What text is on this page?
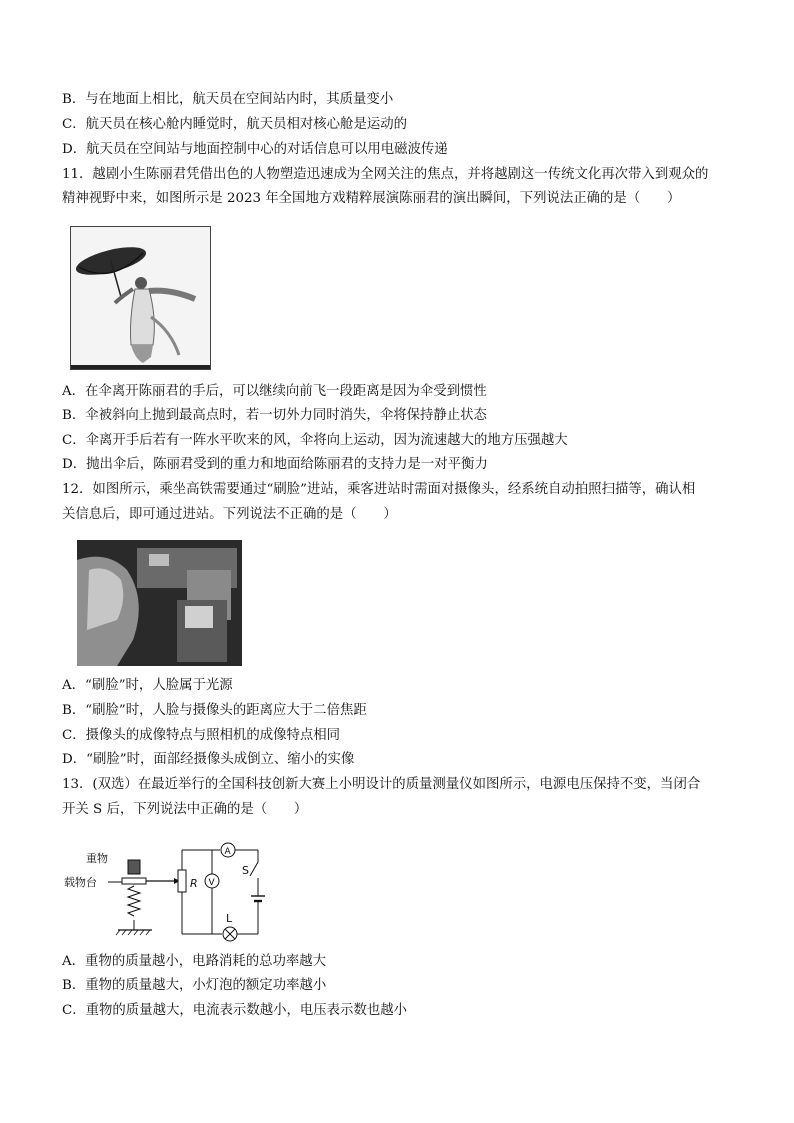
B．与在地面上相比，航天员在空间站内时，其质量变小
C．航天员在核心舱内睡觉时，航天员相对核心舱是运动的
D．航天员在空间站与地面控制中心的对话信息可以用电磁波传递
11．越剧小生陈丽君凭借出色的人物塑造迅速成为全网关注的焦点，并将越剧这一传统文化再次带入到观众的
精神视野中来，如图所示是 2023 年全国地方戏精粹展演陈丽君的演出瞬间，下列说法正确的是（　　）
A．在伞离开陈丽君的手后，可以继续向前飞一段距离是因为伞受到惯性
B．伞被斜向上抛到最高点时，若一切外力同时消失，伞将保持静止状态
C．伞离开手后若有一阵水平吹来的风，伞将向上运动，因为流速越大的地方压强越大
D．抛出伞后，陈丽君受到的重力和地面给陈丽君的支持力是一对平衡力
12．如图所示，乘坐高铁需要通过“刷脸”进站，乘客进站时需面对摄像头，经系统自动拍照扫描等，确认相
关信息后，即可通过进站。下列说法不正确的是（　　）
A．“刷脸”时，人脸属于光源
B．“刷脸”时，人脸与摄像头的距离应大于二倍焦距
C．摄像头的成像特点与照相机的成像特点相同
D．“刷脸”时，面部经摄像头成倒立、缩小的实像
13．(双选）在最近举行的全国科技创新大赛上小明设计的质量测量仪如图所示，电源电压保持不变，当闭合
开关 S 后，下列说法中正确的是（　　）
重物
载物台	R
A
V
S
L
A．重物的质量越小，电路消耗的总功率越大
B．重物的质量越大，小灯泡的额定功率越小
C．重物的质量越大，电流表示数越小，电压表示数也越小
